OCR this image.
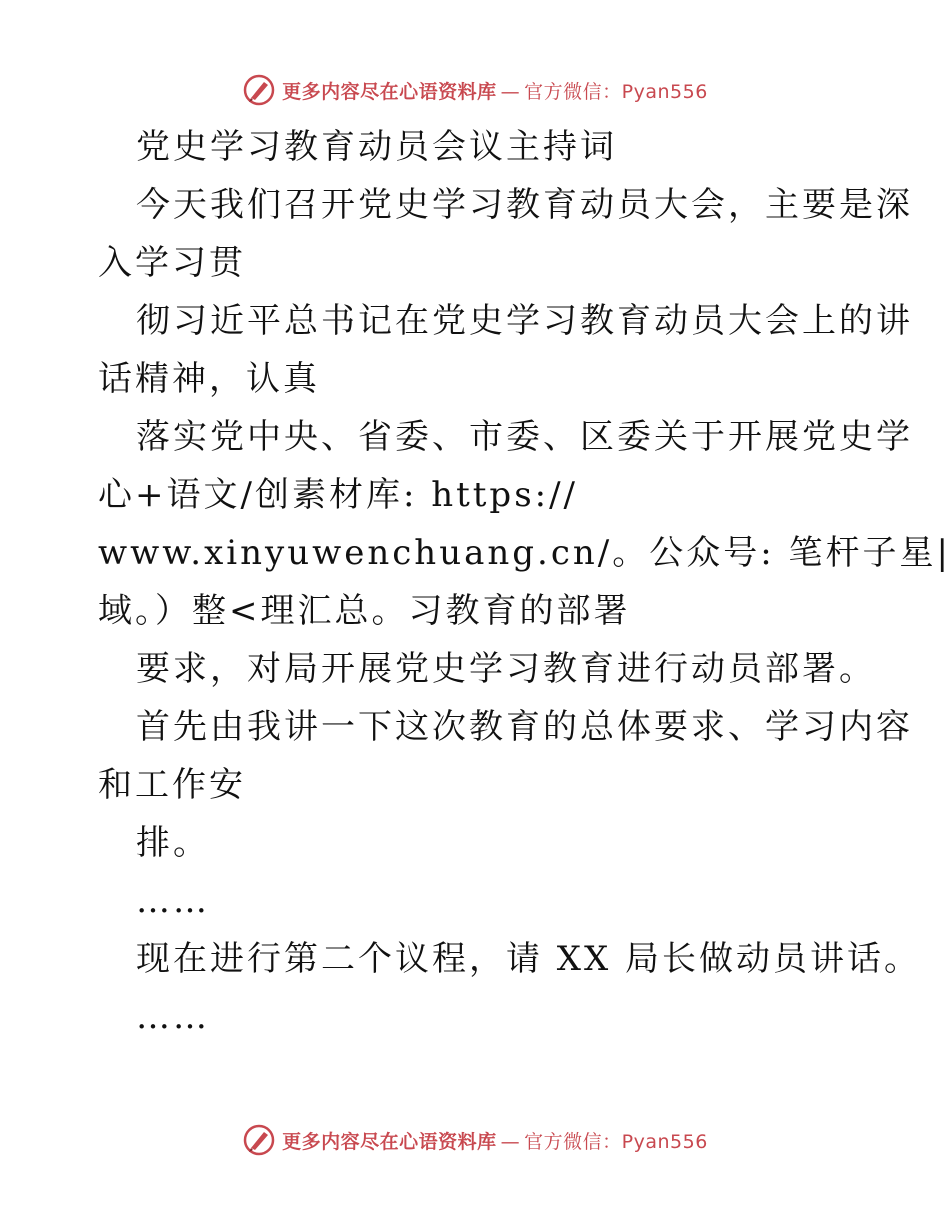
更多内容尽在心语资料库 — 官方微信：Pyan556
党史学习教育动员会议主持词
今天我们召开党史学习教育动员大会，主要是深
入学习贯
彻习近平总书记在党史学习教育动员大会上的讲
话精神，认真
落实党中央、省委、市委、区委关于开展党史学
心+语文/创素材库: https://
www.xinyuwenchuang.cn/。公众号: 笔杆子星|
域。）整<理汇总。习教育的部署
要求，对局开展党史学习教育进行动员部署。
首先由我讲一下这次教育的总体要求、学习内容
和工作安
排。
……
现在进行第二个议程，请 XX 局长做动员讲话。
……
更多内容尽在心语资料库 — 官方微信：Pyan556
